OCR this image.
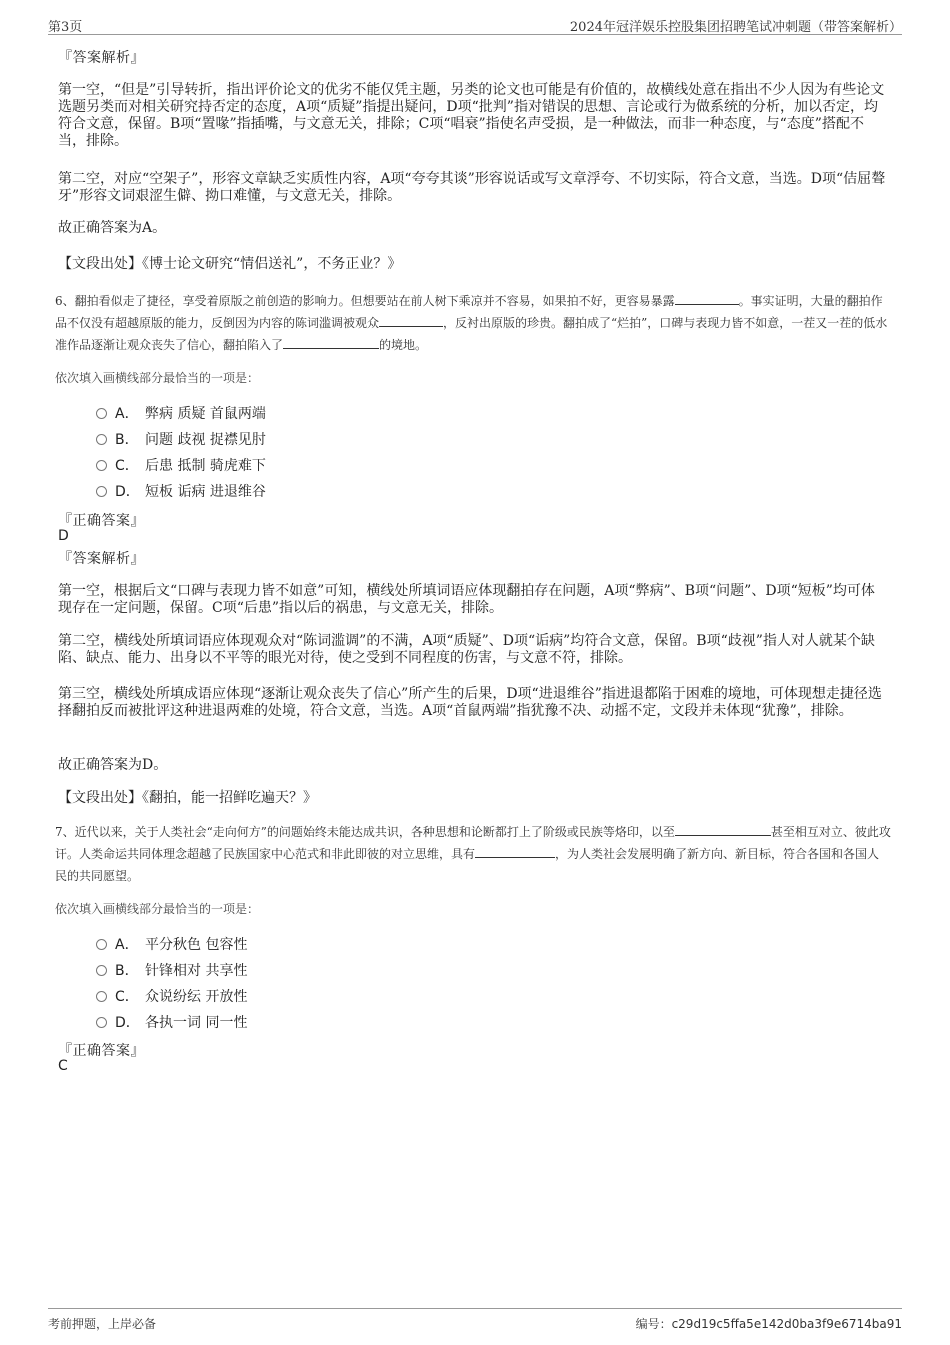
第3页	2024年冠洋娱乐控股集团招聘笔试冲刺题（带答案解析）
『答案解析』
第一空，“但是”引导转折，指出评价论文的优劣不能仅凭主题，另类的论文也可能是有价值的，故横线处意在指出不少人因为有些论文选题另类而对相关研究持否定的态度，A项“质疑”指提出疑问，D项“批判”指对错误的思想、言论或行为做系统的分析，加以否定，均符合文意，保留。B项“置喙”指插嘴，与文意无关，排除；C项“唱衰”指使名声受损，是一种做法，而非一种态度，与“态度”搭配不当，排除。
第二空，对应“空架子”，形容文章缺乏实质性内容，A项“夸夸其谈”形容说话或写文章浮夸、不切实际，符合文意，当选。D项“佶屈聱牙”形容文词艰涩生僻、拗口难懂，与文意无关，排除。
故正确答案为A。
【文段出处】《博士论文研究“情侣送礼”，不务正业？》
6、翻拍看似走了捷径，享受着原版之前创造的影响力。但想要站在前人树下乘凉并不容易，如果拍不好，更容易暴露	。事实证明，大量的翻拍作品不仅没有超越原版的能力，反倒因为内容的陈词滥调被观众	，反衬出原版的珍贵。翻拍成了“烂拍”，口碑与表现力皆不如意，一茬又一茬的低水准作品逐渐让观众丧失了信心，翻拍陷入了	的境地。
依次填入画横线部分最恰当的一项是：
A． 弊病 质疑 首鼠两端
B． 问题 歧视 捉襟见肘
C． 后患 抵制 骑虎难下
D． 短板 诟病 进退维谷
『正确答案』
D
『答案解析』
第一空，根据后文“口碑与表现力皆不如意”可知，横线处所填词语应体现翻拍存在问题，A项“弊病”、B项“问题”、D项“短板”均可体现存在一定问题，保留。C项“后患”指以后的祸患，与文意无关，排除。
第二空，横线处所填词语应体现观众对“陈词滥调”的不满，A项“质疑”、D项“诟病”均符合文意，保留。B项“歧视”指人对人就某个缺陷、缺点、能力、出身以不平等的眼光对待，使之受到不同程度的伤害，与文意不符，排除。
第三空，横线处所填成语应体现“逐渐让观众丧失了信心”所产生的后果，D项“进退维谷”指进退都陷于困难的境地，可体现想走捷径选择翻拍反而被批评这种进退两难的处境，符合文意，当选。A项“首鼠两端”指犹豫不决、动摇不定，文段并未体现“犹豫”，排除。
故正确答案为D。
【文段出处】《翻拍，能一招鲜吃遍天？》
7、近代以来，关于人类社会“走向何方”的问题始终未能达成共识，各种思想和论断都打上了阶级或民族等烙印，以至	甚至相互对立、彼此攻讦。人类命运共同体理念超越了民族国家中心范式和非此即彼的对立思维，具有	，为人类社会发展明确了新方向、新目标，符合各国和各国人民的共同愿望。
依次填入画横线部分最恰当的一项是：
A． 平分秋色 包容性
B． 针锋相对 共享性
C． 众说纷纭 开放性
D． 各执一词 同一性
『正确答案』
C
考前押题，上岸必备	编号：c29d19c5ffa5e142d0ba3f9e6714ba91
